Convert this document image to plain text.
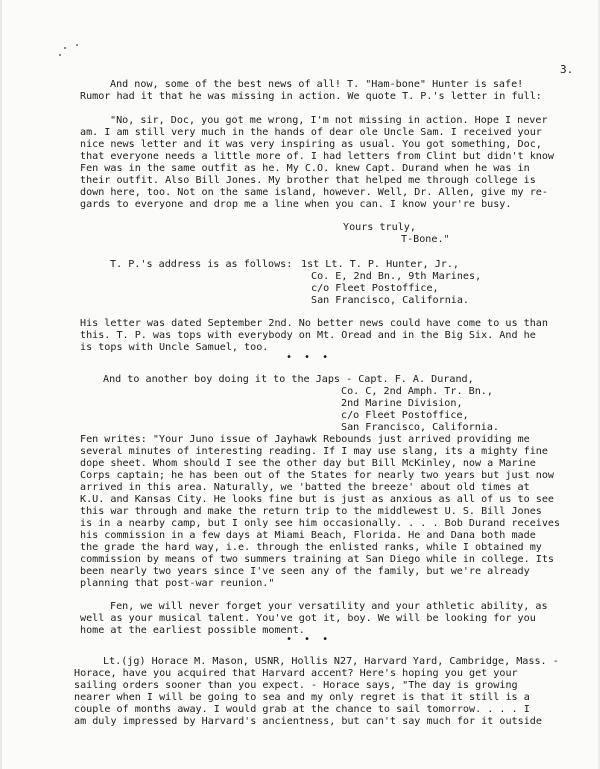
3.
And now, some of the best news of all! T. "Ham-bone" Hunter is safe!
Rumor had it that he was missing in action. We quote T. P.'s letter in full:
"No, sir, Doc, you got me wrong, I'm not missing in action. Hope I never
am. I am still very much in the hands of dear ole Uncle Sam. I received your
nice news letter and it was very inspiring as usual. You got something, Doc,
that everyone needs a little more of. I had letters from Clint but didn't know
Fen was in the same outfit as he. My C.O. knew Capt. Durand when he was in
their outfit. Also Bill Jones. My brother that helped me through college is
down here, too. Not on the same island, however. Well, Dr. Allen, give my re-
gards to everyone and drop me a line when you can. I know your're busy.
Yours truly,
T-Bone."
T. P.'s address is as follows: 1st Lt. T. P. Hunter, Jr.,
Co. E, 2nd Bn., 9th Marines,
c/o Fleet Postoffice,
San Francisco, California.
His letter was dated September 2nd. No better news could have come to us than
this. T. P. was tops with everybody on Mt. Oread and in the Big Six. And he
is tops with Uncle Samuel, too.
• • •
And to another boy doing it to the Japs - Capt. F. A. Durand,
Co. C, 2nd Amph. Tr. Bn.,
2nd Marine Division,
c/o Fleet Postoffice,
San Francisco, California.
Fen writes: "Your Juno issue of Jayhawk Rebounds just arrived providing me
several minutes of interesting reading. If I may use slang, its a mighty fine
dope sheet. Whom should I see the other day but Bill McKinley, now a Marine
Corps captain; he has been out of the States for nearly two years but just now
arrived in this area. Naturally, we 'batted the breeze' about old times at
K.U. and Kansas City. He looks fine but is just as anxious as all of us to see
this war through and make the return trip to the middlewest U. S. Bill Jones
is in a nearby camp, but I only see him occasionally. . . . Bob Durand receives
his commission in a few days at Miami Beach, Florida. He and Dana both made
the grade the hard way, i.e. through the enlisted ranks, while I obtained my
commission by means of two summers training at San Diego while in college. Its
been nearly two years since I've seen any of the family, but we're already
planning that post-war reunion."
Fen, we will never forget your versatility and your athletic ability, as
well as your musical talent. You've got it, boy. We will be looking for you
home at the earliest possible moment.
• • •
Lt.(jg) Horace M. Mason, USNR, Hollis N27, Harvard Yard, Cambridge, Mass. -
Horace, have you acquired that Harvard accent? Here's hoping you get your
sailing orders sooner than you expect. - Horace says, "The day is growing
nearer when I will be going to sea and my only regret is that it still is a
couple of months away. I would grab at the chance to sail tomorrow. . . . I
am duly impressed by Harvard's ancientness, but can't say much for it outside
